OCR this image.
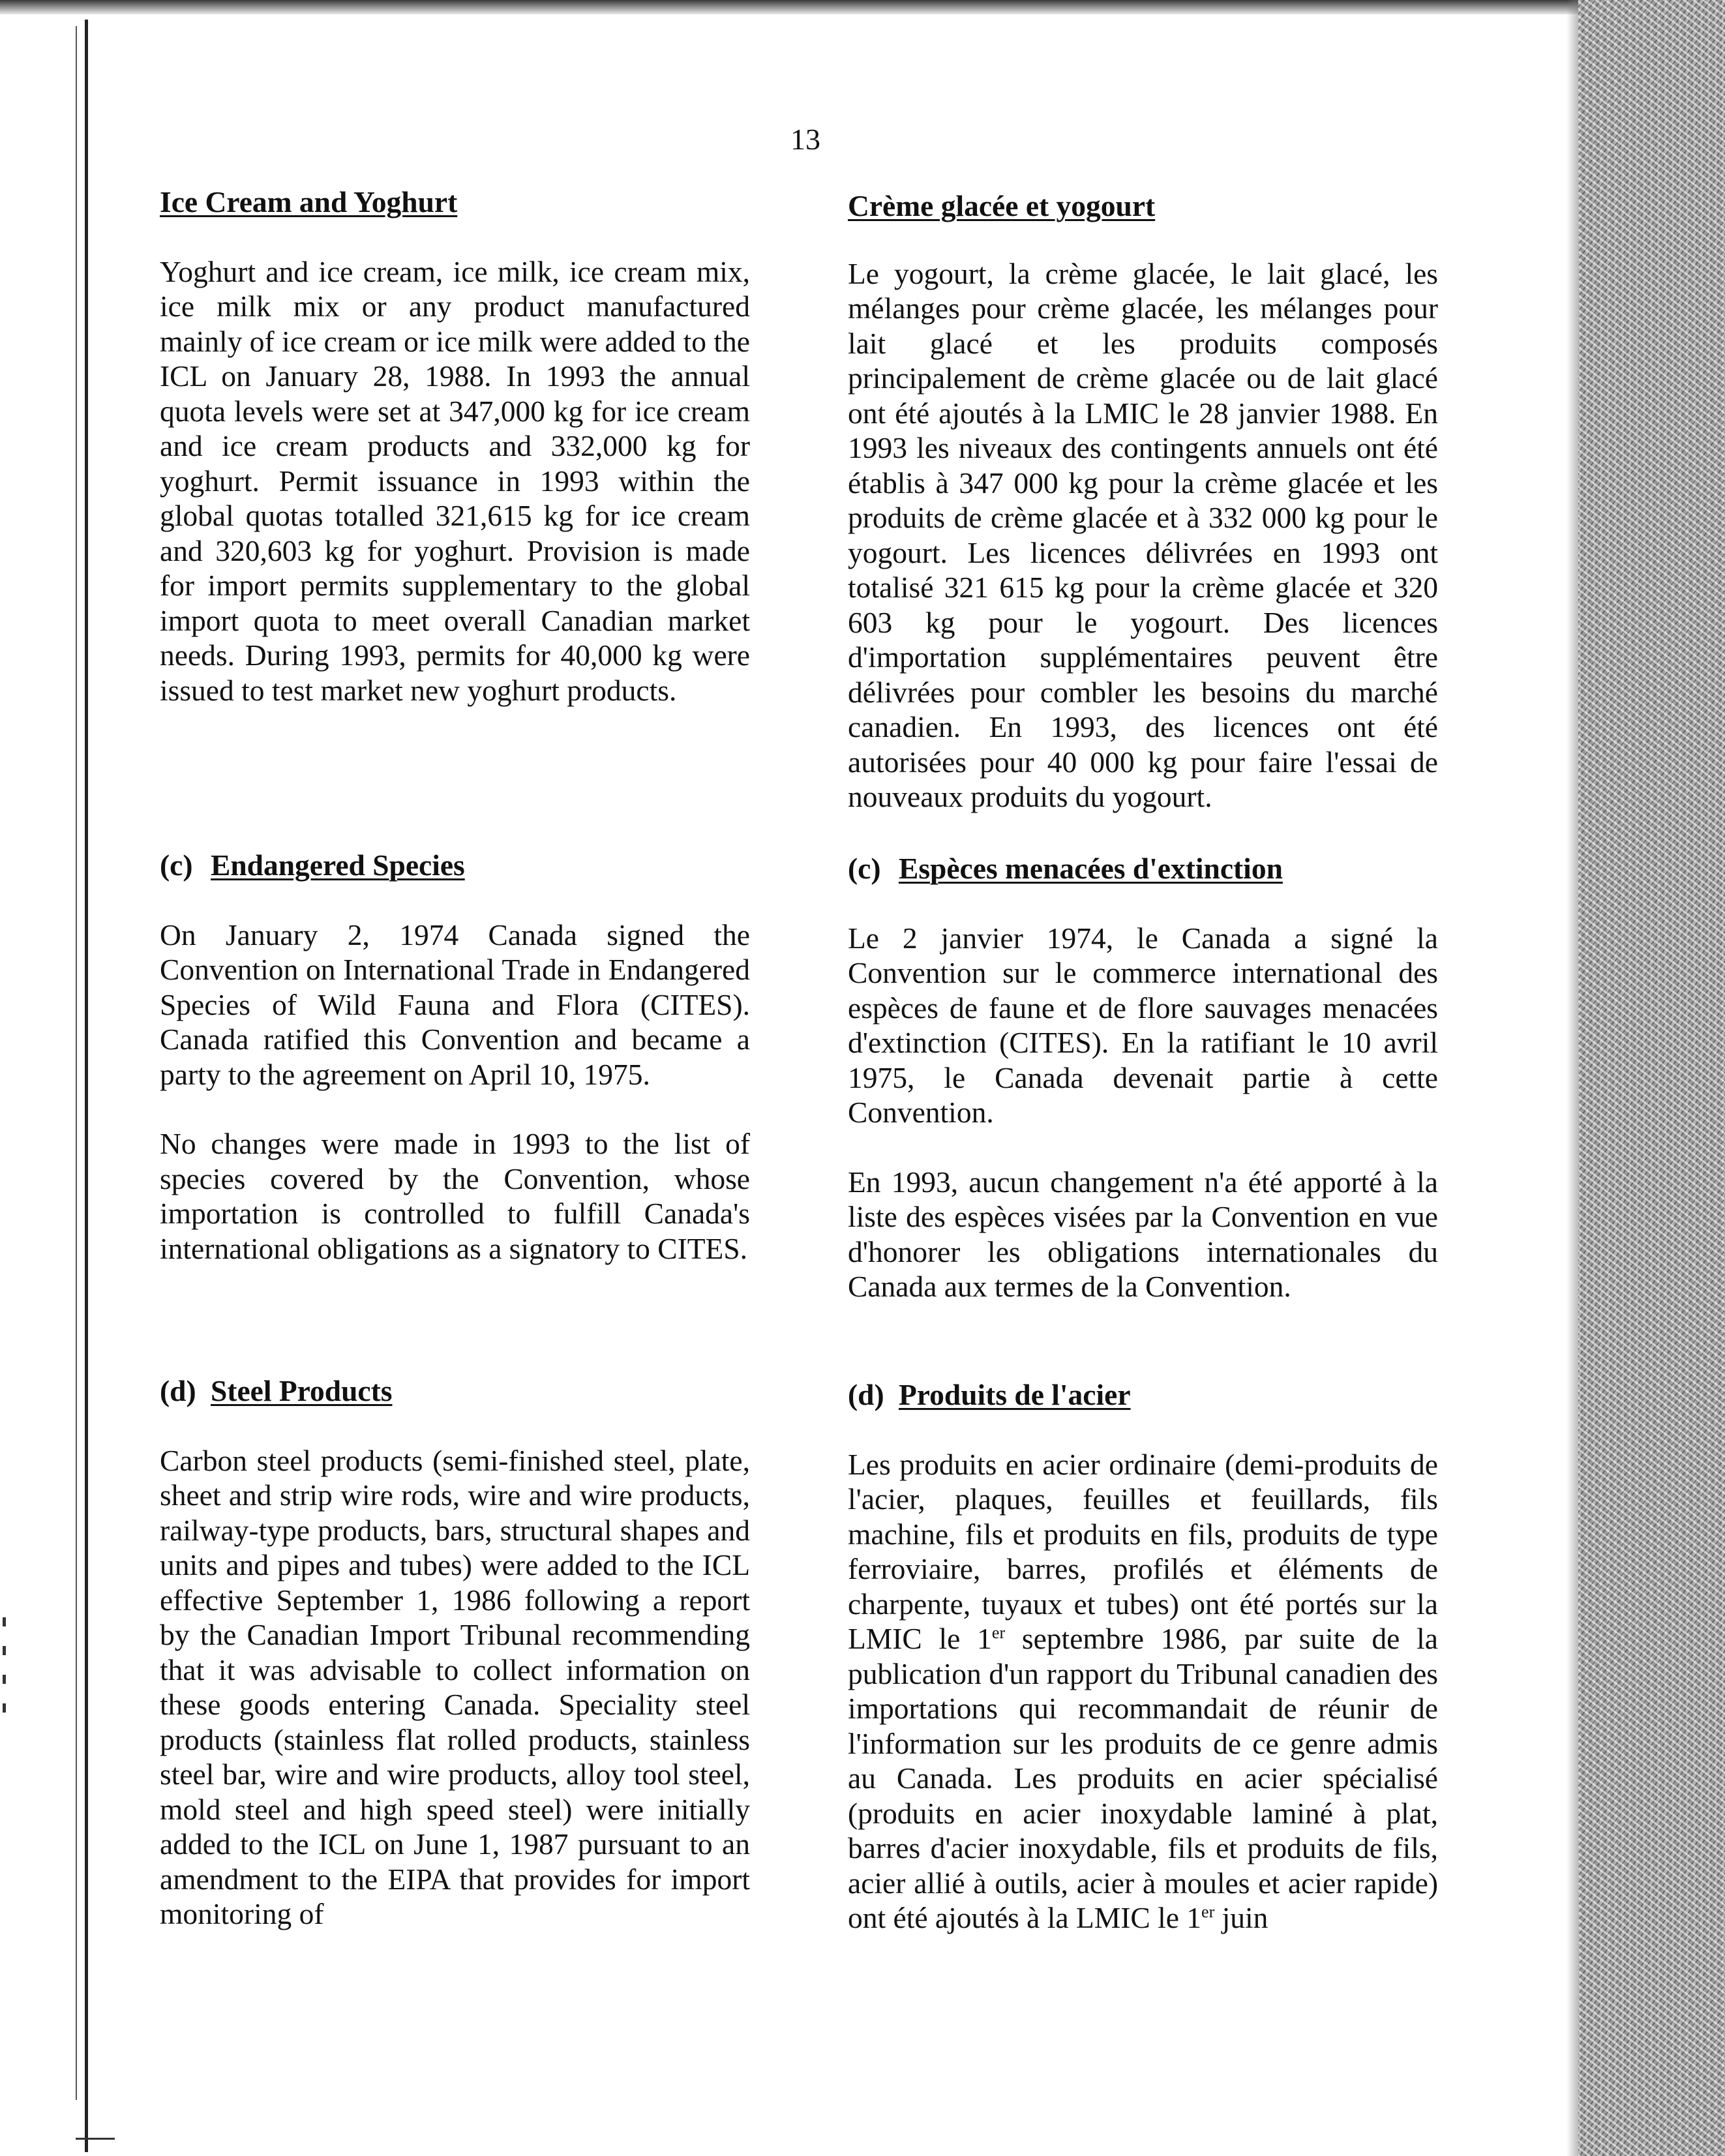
13

Ice Cream and Yoghurt

Yoghurt and ice cream, ice milk, ice cream mix, ice milk mix or any product manufactured mainly of ice cream or ice milk were added to the ICL on January 28, 1988. In 1993 the annual quota levels were set at 347,000 kg for ice cream and ice cream products and 332,000 kg for yoghurt. Permit issuance in 1993 within the global quotas totalled 321,615 kg for ice cream and 320,603 kg for yoghurt. Provision is made for import permits supplementary to the global import quota to meet overall Canadian market needs. During 1993, permits for 40,000 kg were issued to test market new yoghurt products.

(c) Endangered Species

On January 2, 1974 Canada signed the Convention on International Trade in Endangered Species of Wild Fauna and Flora (CITES). Canada ratified this Convention and became a party to the agreement on April 10, 1975.

No changes were made in 1993 to the list of species covered by the Convention, whose importation is controlled to fulfill Canada's international obligations as a signatory to CITES.

(d) Steel Products

Carbon steel products (semi-finished steel, plate, sheet and strip wire rods, wire and wire products, railway-type products, bars, structural shapes and units and pipes and tubes) were added to the ICL effective September 1, 1986 following a report by the Canadian Import Tribunal recommending that it was advisable to collect information on these goods entering Canada. Speciality steel products (stainless flat rolled products, stainless steel bar, wire and wire products, alloy tool steel, mold steel and high speed steel) were initially added to the ICL on June 1, 1987 pursuant to an amendment to the EIPA that provides for import monitoring of

Crème glacée et yogourt

Le yogourt, la crème glacée, le lait glacé, les mélanges pour crème glacée, les mélanges pour lait glacé et les produits composés principalement de crème glacée ou de lait glacé ont été ajoutés à la LMIC le 28 janvier 1988. En 1993 les niveaux des contingents annuels ont été établis à 347 000 kg pour la crème glacée et les produits de crème glacée et à 332 000 kg pour le yogourt. Les licences délivrées en 1993 ont totalisé 321 615 kg pour la crème glacée et 320 603 kg pour le yogourt. Des licences d'importation supplémentaires peuvent être délivrées pour combler les besoins du marché canadien. En 1993, des licences ont été autorisées pour 40 000 kg pour faire l'essai de nouveaux produits du yogourt.

(c) Espèces menacées d'extinction

Le 2 janvier 1974, le Canada a signé la Convention sur le commerce international des espèces de faune et de flore sauvages menacées d'extinction (CITES). En la ratifiant le 10 avril 1975, le Canada devenait partie à cette Convention.

En 1993, aucun changement n'a été apporté à la liste des espèces visées par la Convention en vue d'honorer les obligations internationales du Canada aux termes de la Convention.

(d) Produits de l'acier

Les produits en acier ordinaire (demi-produits de l'acier, plaques, feuilles et feuillards, fils machine, fils et produits en fils, produits de type ferroviaire, barres, profilés et éléments de charpente, tuyaux et tubes) ont été portés sur la LMIC le 1er septembre 1986, par suite de la publication d'un rapport du Tribunal canadien des importations qui recommandait de réunir de l'information sur les produits de ce genre admis au Canada. Les produits en acier spécialisé (produits en acier inoxydable laminé à plat, barres d'acier inoxydable, fils et produits de fils, acier allié à outils, acier à moules et acier rapide) ont été ajoutés à la LMIC le 1er juin
